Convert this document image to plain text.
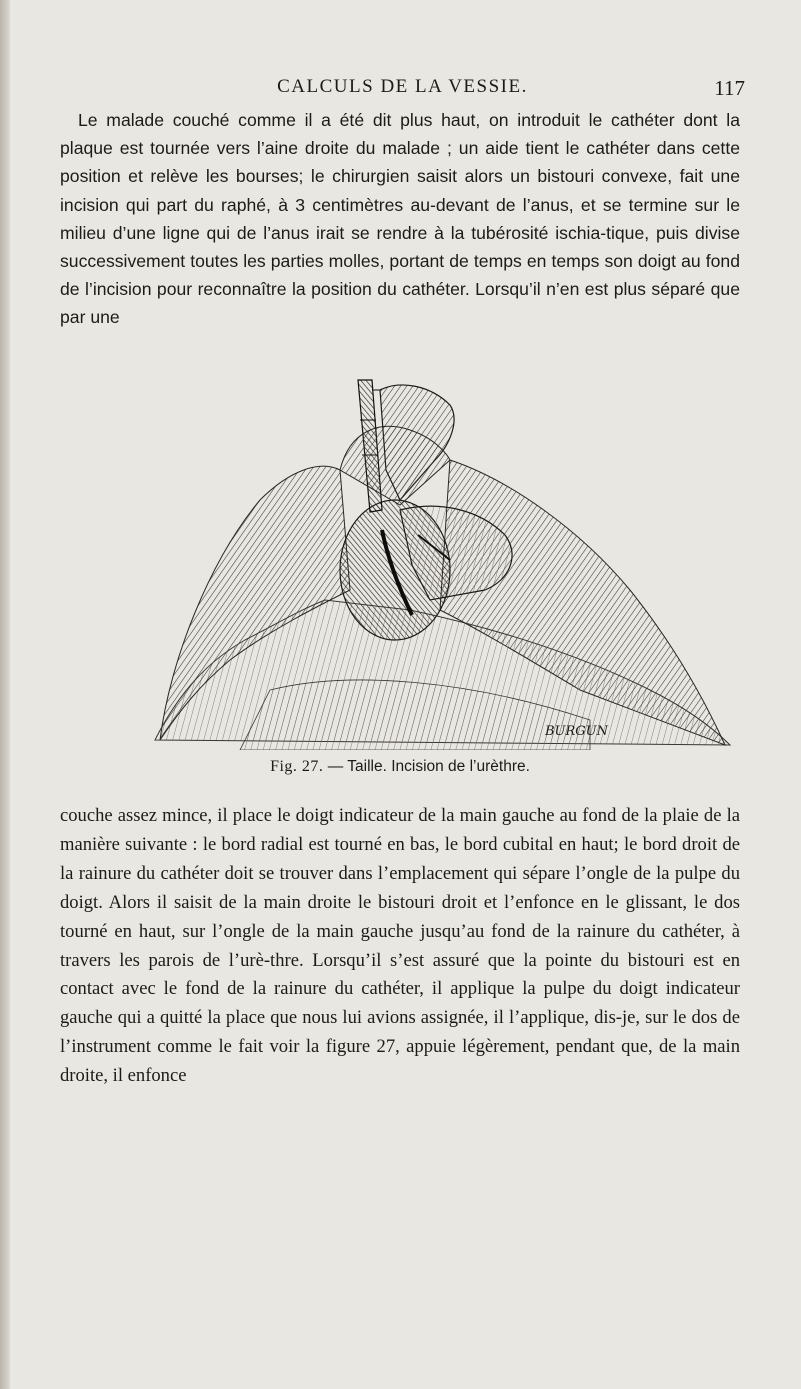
CALCULS DE LA VESSIE.	117

Le malade couché comme il a été dit plus haut, on introduit le cathéter dont la plaque est tournée vers l’aine droite du malade ; un aide tient le cathéter dans cette position et relève les bourses; le chirurgien saisit alors un bistouri convexe, fait une incision qui part du raphé, à 3 centimètres au-devant de l’anus, et se termine sur le milieu d’une ligne qui de l’anus irait se rendre à la tubérosité ischia-tique, puis divise successivement toutes les parties molles, portant de temps en temps son doigt au fond de l’incision pour reconnaître la position du cathéter. Lorsqu’il n’en est plus séparé que par une

BURGUN
Fig. 27. — Taille. Incision de l’urèthre.

couche assez mince, il place le doigt indicateur de la main gauche au fond de la plaie de la manière suivante : le bord radial est tourné en bas, le bord cubital en haut; le bord droit de la rainure du cathéter doit se trouver dans l’emplacement qui sépare l’ongle de la pulpe du doigt. Alors il saisit de la main droite le bistouri droit et l’enfonce en le glissant, le dos tourné en haut, sur l’ongle de la main gauche jusqu’au fond de la rainure du cathéter, à travers les parois de l’urè-thre. Lorsqu’il s’est assuré que la pointe du bistouri est en contact avec le fond de la rainure du cathéter, il applique la pulpe du doigt indicateur gauche qui a quitté la place que nous lui avions assignée, il l’applique, dis-je, sur le dos de l’instrument comme le fait voir la figure 27, appuie légèrement, pendant que, de la main droite, il enfonce
